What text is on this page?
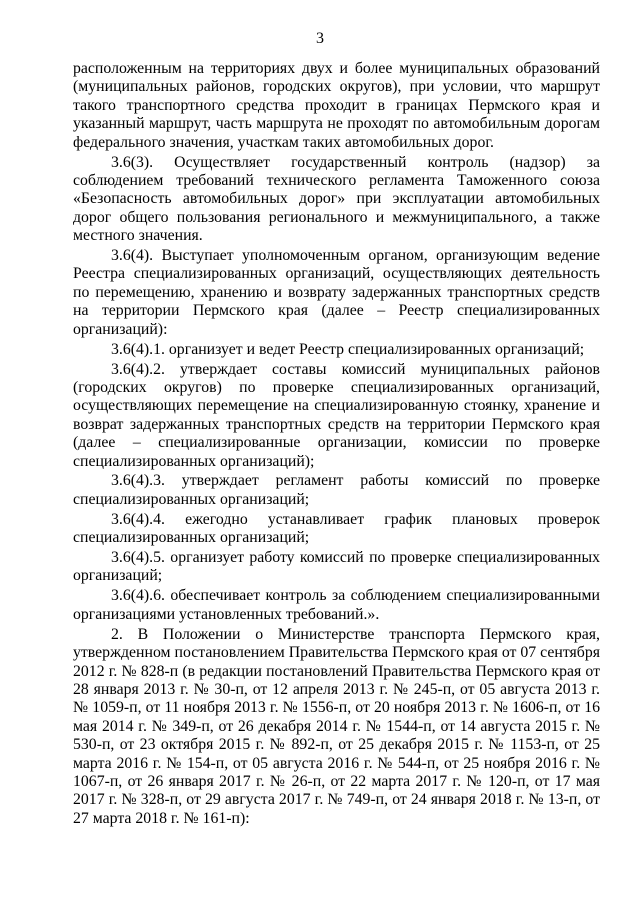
3

расположенным на территориях двух и более муниципальных образований (муниципальных районов, городских округов), при условии, что маршрут такого транспортного средства проходит в границах Пермского края и указанный маршрут, часть маршрута не проходят по автомобильным дорогам федерального значения, участкам таких автомобильных дорог.

3.6(3). Осуществляет государственный контроль (надзор) за соблюдением требований технического регламента Таможенного союза «Безопасность автомобильных дорог» при эксплуатации автомобильных дорог общего пользования регионального и межмуниципального, а также местного значения.

3.6(4). Выступает уполномоченным органом, организующим ведение Реестра специализированных организаций, осуществляющих деятельность по перемещению, хранению и возврату задержанных транспортных средств на территории Пермского края (далее – Реестр специализированных организаций):

3.6(4).1. организует и ведет Реестр специализированных организаций;

3.6(4).2. утверждает составы комиссий муниципальных районов (городских округов) по проверке специализированных организаций, осуществляющих перемещение на специализированную стоянку, хранение и возврат задержанных транспортных средств на территории Пермского края (далее – специализированные организации, комиссии по проверке специализированных организаций);

3.6(4).3. утверждает регламент работы комиссий по проверке специализированных организаций;

3.6(4).4. ежегодно устанавливает график плановых проверок специализированных организаций;

3.6(4).5. организует работу комиссий по проверке специализированных организаций;

3.6(4).6. обеспечивает контроль за соблюдением специализированными организациями установленных требований.».

2. В Положении о Министерстве транспорта Пермского края, утвержденном постановлением Правительства Пермского края от 07 сентября 2012 г. № 828-п (в редакции постановлений Правительства Пермского края от 28 января 2013 г. № 30-п, от 12 апреля 2013 г. № 245-п, от 05 августа 2013 г. № 1059-п, от 11 ноября 2013 г. № 1556-п, от 20 ноября 2013 г. № 1606-п, от 16 мая 2014 г. № 349-п, от 26 декабря 2014 г. № 1544-п, от 14 августа 2015 г. № 530-п, от 23 октября 2015 г. № 892-п, от 25 декабря 2015 г. № 1153-п, от 25 марта 2016 г. № 154-п, от 05 августа 2016 г. № 544-п, от 25 ноября 2016 г. № 1067-п, от 26 января 2017 г. № 26-п, от 22 марта 2017 г. № 120-п, от 17 мая 2017 г. № 328-п, от 29 августа 2017 г. № 749-п, от 24 января 2018 г. № 13-п, от 27 марта 2018 г. № 161-п):
